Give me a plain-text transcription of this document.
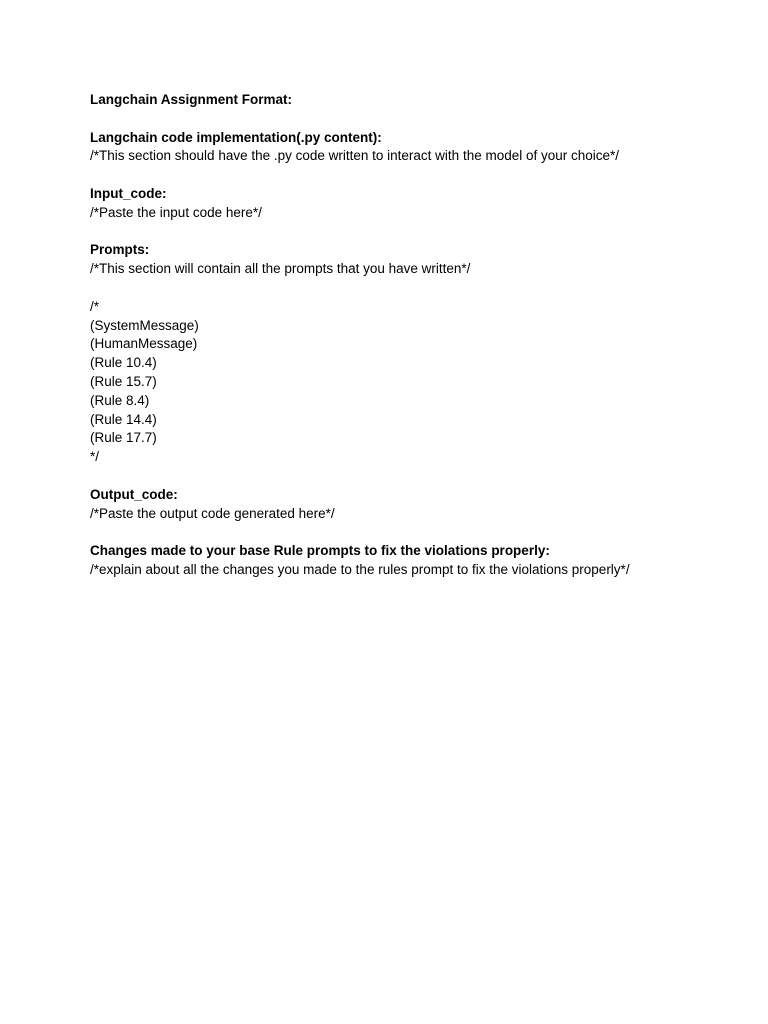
Langchain Assignment Format:
Langchain code implementation(.py content):
/*This section should have the .py code written to interact with the model of your choice*/
Input_code:
/*Paste the input code here*/
Prompts:
/*This section will contain all the prompts that you have written*/
/*
(SystemMessage)
(HumanMessage)
(Rule 10.4)
(Rule 15.7)
(Rule 8.4)
(Rule 14.4)
(Rule 17.7)
*/
Output_code:
/*Paste the output code generated here*/
Changes made to your base Rule prompts to fix the violations properly:
/*explain about all the changes you made to the rules prompt to fix the violations properly*/
